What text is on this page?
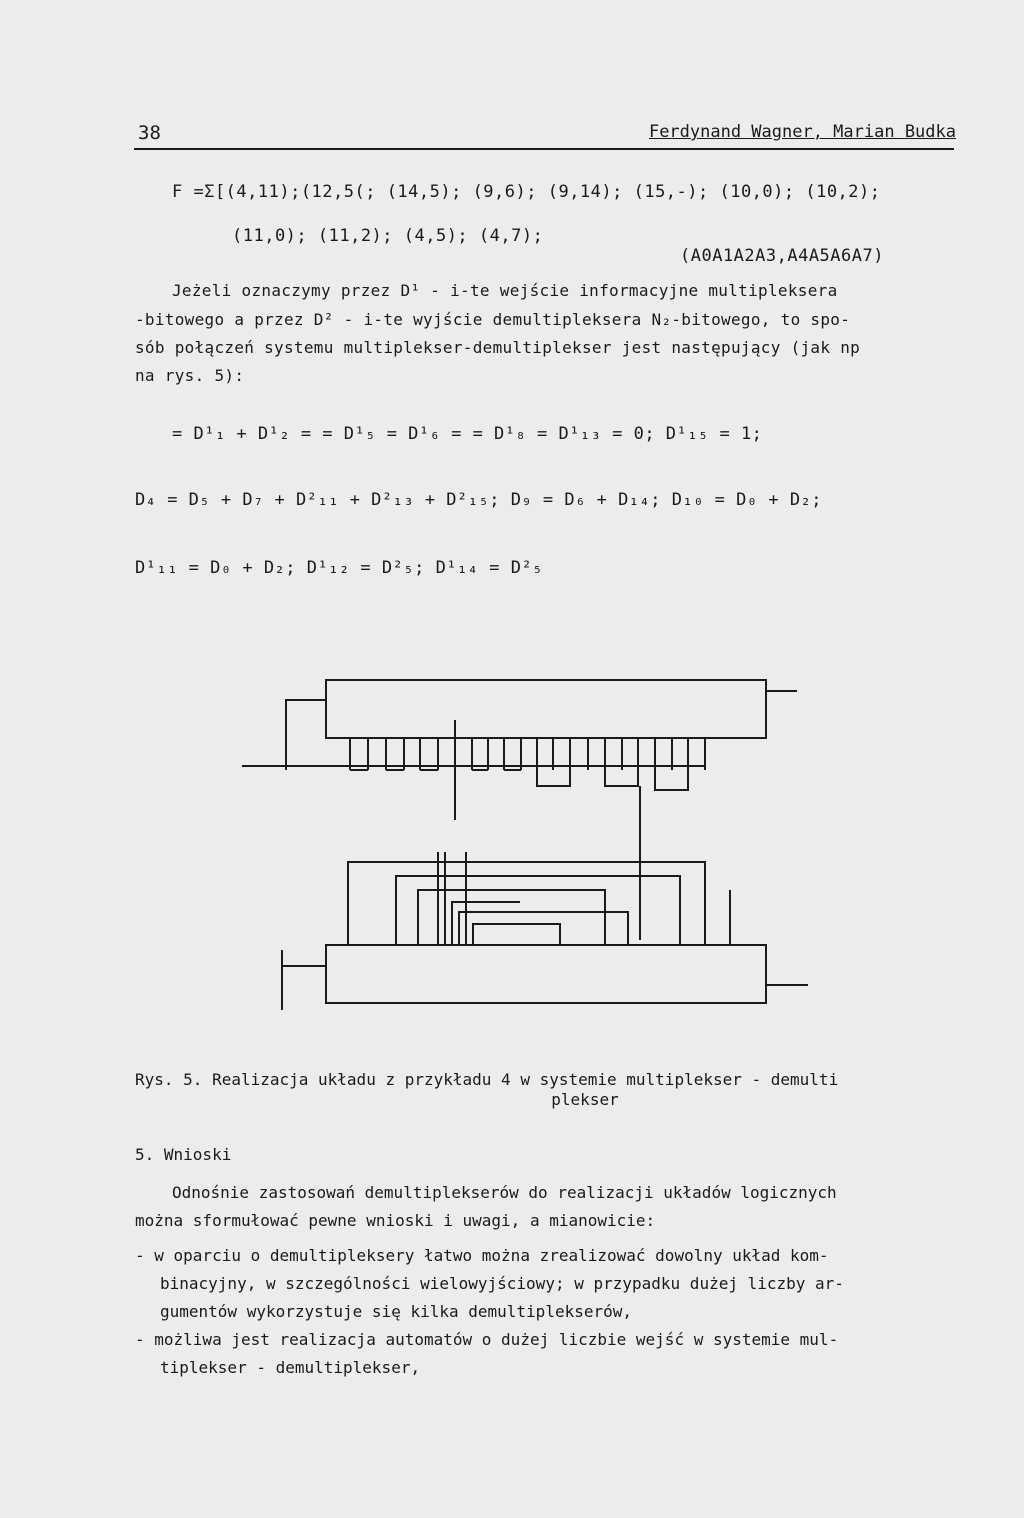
38	Ferdynand Wagner, Marian Budka
F =Σ[(4,11);(12,5(; (14,5); (9,6); (9,14); (15,-); (10,0); (10,2);
(11,0); (11,2); (4,5); (4,7);
(A0A1A2A3,A4A5A6A7)
Jeżeli oznaczymy przez D¹ - i-te wejście informacyjne multipleksera
-bitowego a przez D² - i-te wyjście demultipleksera N₂-bitowego, to spo-
sób połączeń systemu multiplekser-demultiplekser jest następujący (jak np
na rys. 5):
= D¹₁ + D¹₂ = = D¹₅ = D¹₆ = = D¹₈ = D¹₁₃ = 0; D¹₁₅ = 1;
D₄ = D₅ + D₇ + D²₁₁ + D²₁₃ + D²₁₅; D₉ = D₆ + D₁₄; D₁₀ = D₀ + D₂;
D¹₁₁ = D₀ + D₂; D¹₁₂ = D²₅; D¹₁₄ = D²₅
Rys. 5. Realizacja układu z przykładu 4 w systemie multiplekser - demulti
plekser
5. Wnioski
Odnośnie zastosowań demultiplekserów do realizacji układów logicznych
można sformułować pewne wnioski i uwagi, a mianowicie:
- w oparciu o demultipleksery łatwo można zrealizować dowolny układ kom-
binacyjny, w szczególności wielowyjściowy; w przypadku dużej liczby ar-
gumentów wykorzystuje się kilka demultiplekserów,
- możliwa jest realizacja automatów o dużej liczbie wejść w systemie mul-
tiplekser - demultiplekser,
